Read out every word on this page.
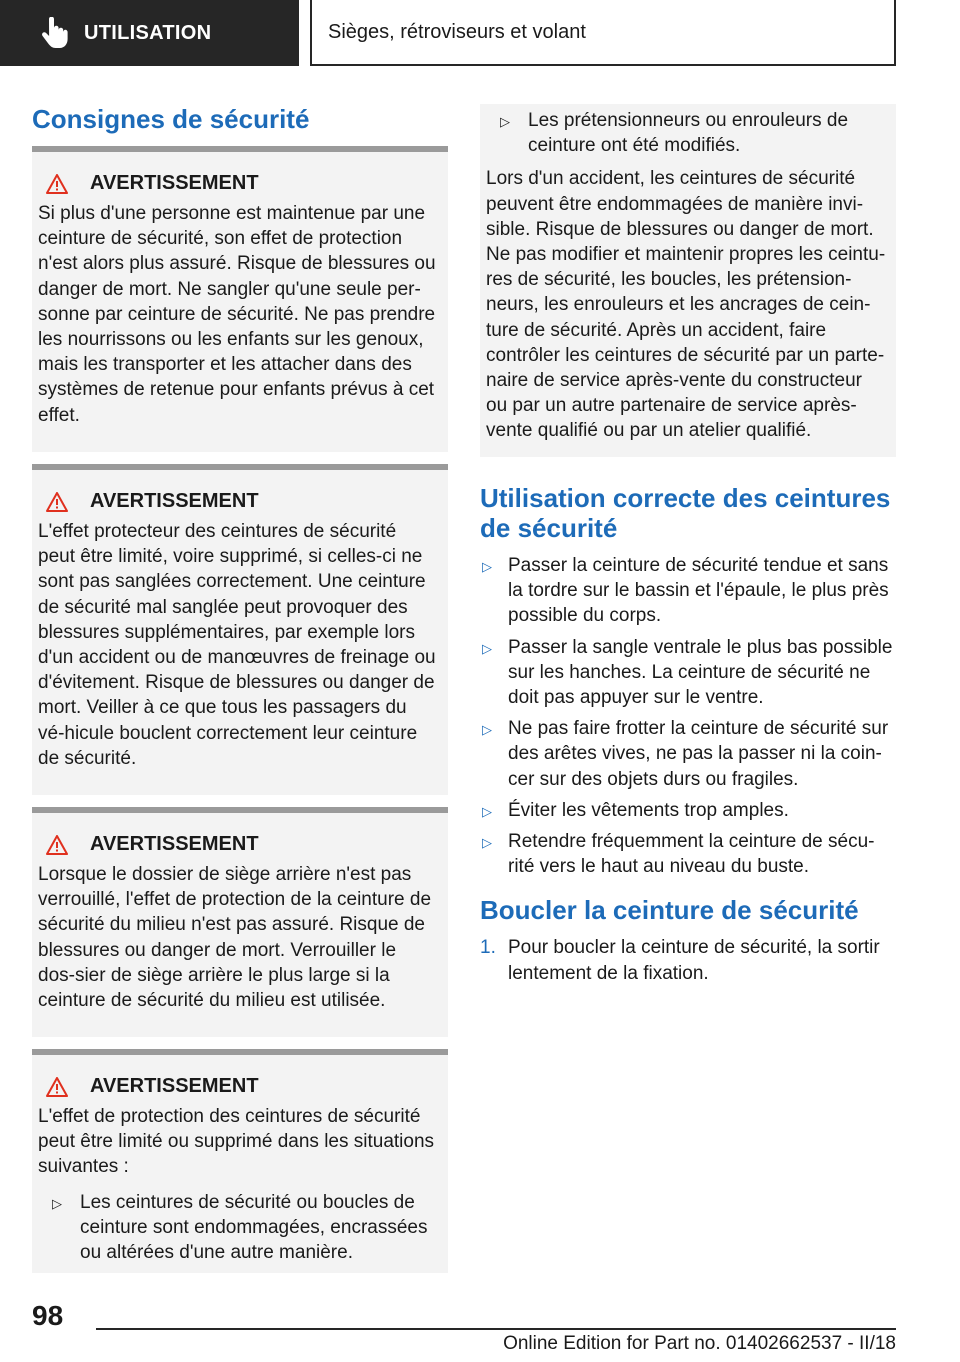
UTILISATION	Sièges, rétroviseurs et volant
Consignes de sécurité
AVERTISSEMENT

Si plus d'une personne est maintenue par une ceinture de sécurité, son effet de protection n'est alors plus assuré. Risque de blessures ou danger de mort. Ne sangler qu'une seule per‐sonne par ceinture de sécurité. Ne pas prendre les nourrissons ou les enfants sur les genoux, mais les transporter et les attacher dans des systèmes de retenue pour enfants prévus à cet effet.

AVERTISSEMENT

L'effet protecteur des ceintures de sécurité peut être limité, voire supprimé, si celles-ci ne sont pas sanglées correctement. Une ceinture de sécurité mal sanglée peut provoquer des blessures supplémentaires, par exemple lors d'un accident ou de manœuvres de freinage ou d'évitement. Risque de blessures ou danger de mort. Veiller à ce que tous les passagers du vé‐hicule bouclent correctement leur ceinture de sécurité.

AVERTISSEMENT

Lorsque le dossier de siège arrière n'est pas verrouillé, l'effet de protection de la ceinture de sécurité du milieu n'est pas assuré. Risque de blessures ou danger de mort. Verrouiller le dos‐sier de siège arrière le plus large si la ceinture de sécurité du milieu est utilisée.

AVERTISSEMENT

L'effet de protection des ceintures de sécurité peut être limité ou supprimé dans les situations suivantes :

▷ Les ceintures de sécurité ou boucles de ceinture sont endommagées, encrassées ou altérées d'une autre manière.
▷ Les prétensionneurs ou enrouleurs de ceinture ont été modifiés.

Lors d'un accident, les ceintures de sécurité peuvent être endommagées de manière invi‐sible. Risque de blessures ou danger de mort. Ne pas modifier et maintenir propres les ceintu‐res de sécurité, les boucles, les prétension‐neurs, les enrouleurs et les ancrages de cein‐ture de sécurité. Après un accident, faire contrôler les ceintures de sécurité par un parte‐naire de service après-vente du constructeur ou par un autre partenaire de service après-vente qualifié ou par un atelier qualifié.

Utilisation correcte des ceintures de sécurité
▷ Passer la ceinture de sécurité tendue et sans la tordre sur le bassin et l'épaule, le plus près possible du corps.
▷ Passer la sangle ventrale le plus bas possible sur les hanches. La ceinture de sécurité ne doit pas appuyer sur le ventre.
▷ Ne pas faire frotter la ceinture de sécurité sur des arêtes vives, ne pas la passer ni la coin‐cer sur des objets durs ou fragiles.
▷ Éviter les vêtements trop amples.
▷ Retendre fréquemment la ceinture de sécu‐rité vers le haut au niveau du buste.
Boucler la ceinture de sécurité
1. Pour boucler la ceinture de sécurité, la sortir lentement de la fixation.
98
Online Edition for Part no. 01402662537 - II/18
